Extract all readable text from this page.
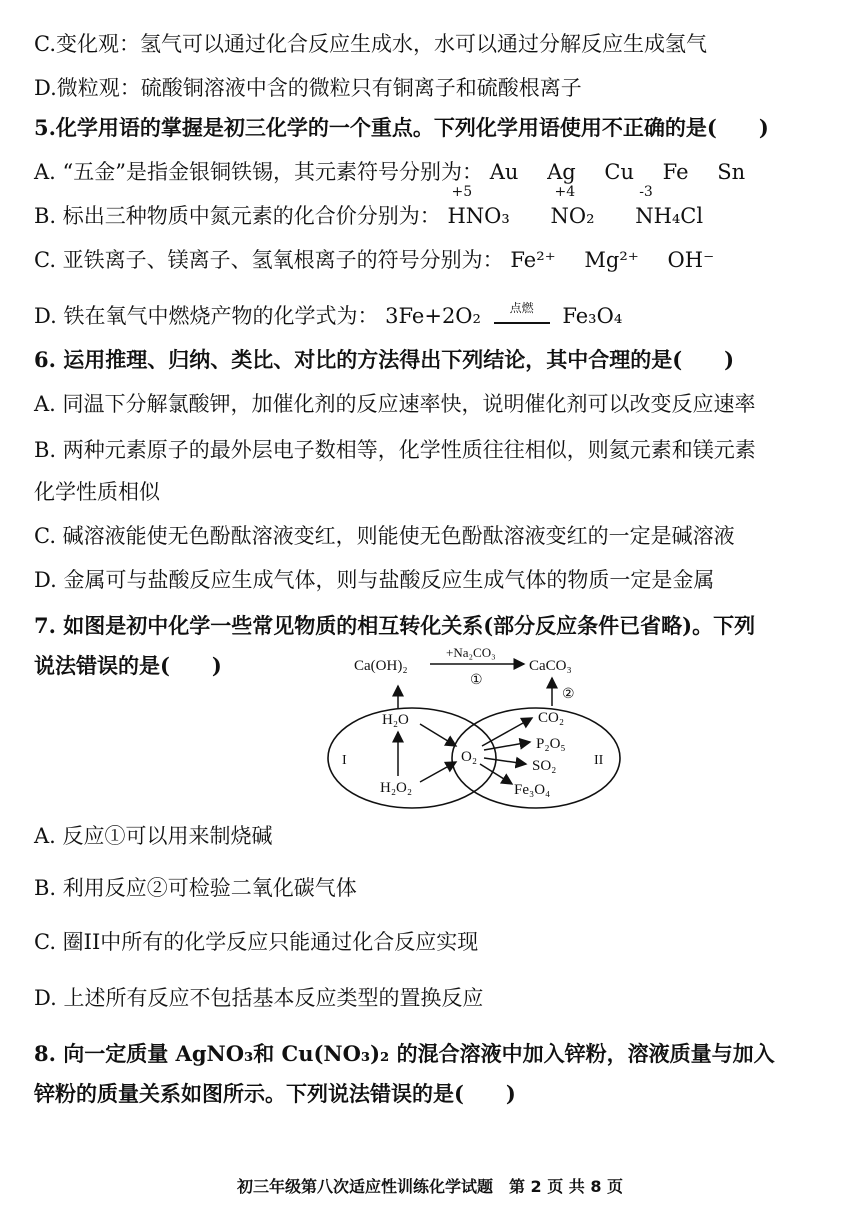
C.变化观：氢气可以通过化合反应生成水，水可以通过分解反应生成氢气
D.微粒观：硫酸铜溶液中含的微粒只有铜离子和硫酸根离子
5.化学用语的掌握是初三化学的一个重点。下列化学用语使用不正确的是(　　)
A. “五金”是指金银铜铁锡，其元素符号分别为： Au Ag Cu Fe Sn
B. 标出三种物质中氮元素的化合价分别为：
+5
HNO₃
+4
NO₂
-3
NH₄Cl
C. 亚铁离子、镁离子、氢氧根离子的符号分别为： Fe²⁺ Mg²⁺ OH⁻
D. 铁在氧气中燃烧产物的化学式为： 3Fe+2O₂	点燃	Fe₃O₄
6. 运用推理、归纳、类比、对比的方法得出下列结论，其中合理的是(　　)
A. 同温下分解氯酸钾，加催化剂的反应速率快，说明催化剂可以改变反应速率
B. 两种元素原子的最外层电子数相等，化学性质往往相似，则氦元素和镁元素
化学性质相似
C. 碱溶液能使无色酚酞溶液变红，则能使无色酚酞溶液变红的一定是碱溶液
D. 金属可与盐酸反应生成气体，则与盐酸反应生成气体的物质一定是金属
7. 如图是初中化学一些常见物质的相互转化关系(部分反应条件已省略)。下列
说法错误的是(　　)	Ca(OH)₂
+Na₂CO₃
①
CaCO₃
I	II
H₂O
H₂O₂
O₂
CO₂
P₂O₅
SO₂
Fe₃O₄
②
A. 反应①可以用来制烧碱
B. 利用反应②可检验二氧化碳气体
C. 圈II中所有的化学反应只能通过化合反应实现
D. 上述所有反应不包括基本反应类型的置换反应
8. 向一定质量 AgNO₃和 Cu(NO₃)₂ 的混合溶液中加入锌粉，溶液质量与加入
锌粉的质量关系如图所示。下列说法错误的是(　　)
初三年级第八次适应性训练化学试题　第 2 页 共 8 页
